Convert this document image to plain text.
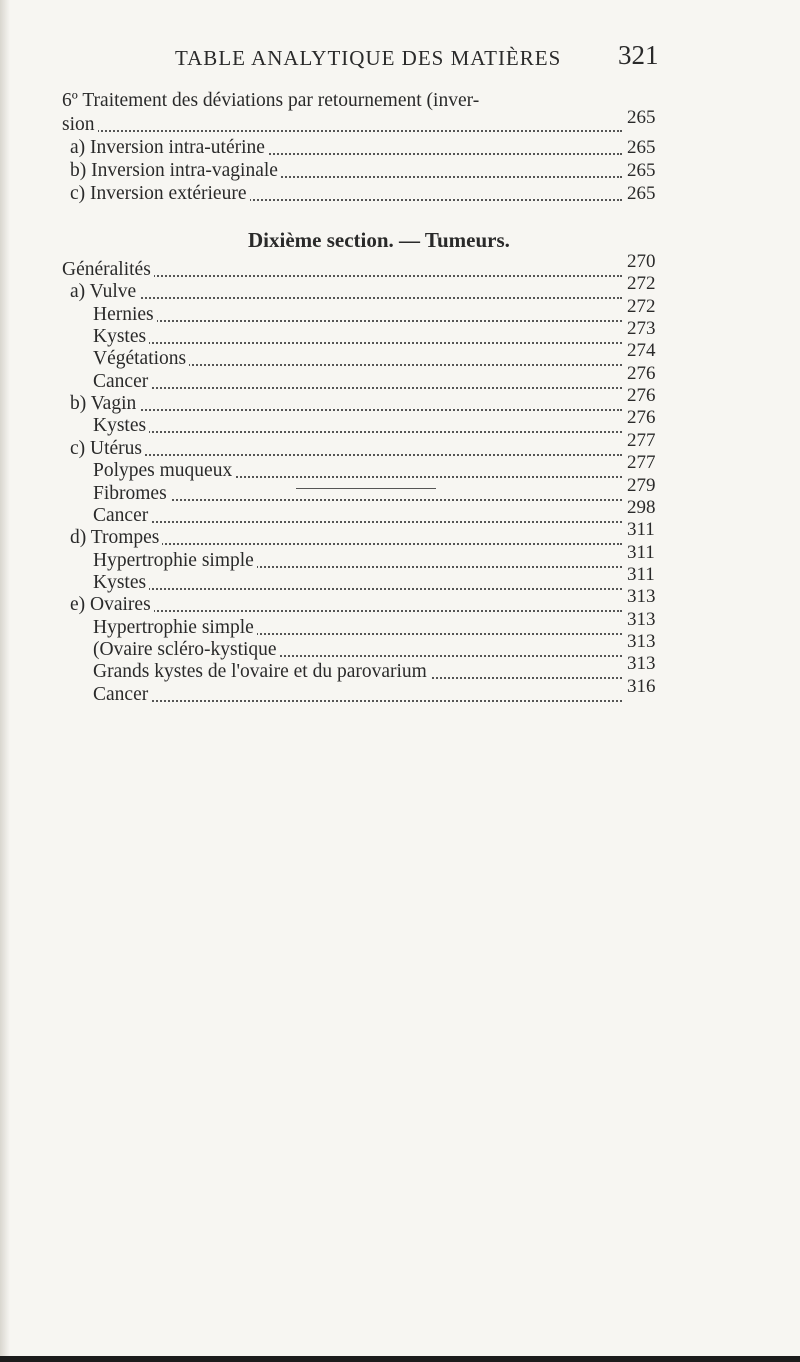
TABLE ANALYTIQUE DES MATIÈRES 321
6º Traitement des déviations par retournement (inver-
sion	265
a) Inversion intra-utérine	265
b) Inversion intra-vaginale	265
c) Inversion extérieure	265
Dixième section. — Tumeurs.
Généralités	270
a) Vulve	272
Hernies	272
Kystes	273
Végétations	274
Cancer	276
b) Vagin	276
Kystes	276
c) Utérus	277
Polypes muqueux	277
Fibromes	279
Cancer	298
d) Trompes	311
Hypertrophie simple	311
Kystes	311
e) Ovaires	313
Hypertrophie simple	313
(Ovaire scléro-kystique	313
Grands kystes de l'ovaire et du parovarium	313
Cancer	316
